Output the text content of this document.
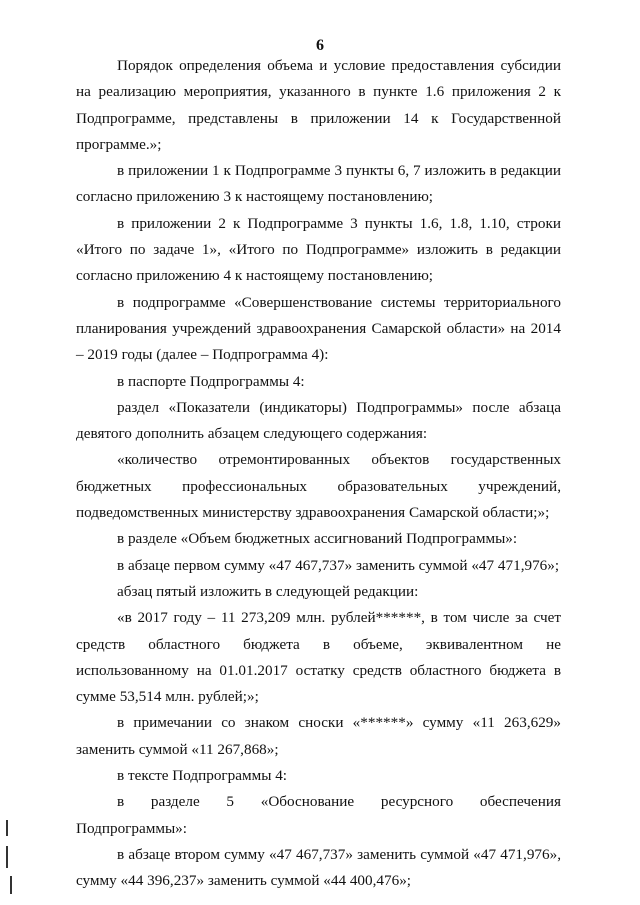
6

Порядок определения объема и условие предоставления субсидии на реализацию мероприятия, указанного в пункте 1.6 приложения 2 к Подпрограмме, представлены в приложении 14 к Государственной программе.»;

в приложении 1 к Подпрограмме 3 пункты 6, 7 изложить в редакции согласно приложению 3 к настоящему постановлению;

в приложении 2 к Подпрограмме 3 пункты 1.6, 1.8, 1.10, строки «Итого по задаче 1», «Итого по Подпрограмме» изложить в редакции согласно приложению 4 к настоящему постановлению;

в подпрограмме «Совершенствование системы территориального планирования учреждений здравоохранения Самарской области» на 2014 – 2019 годы (далее – Подпрограмма 4):

в паспорте Подпрограммы 4:

раздел «Показатели (индикаторы) Подпрограммы» после абзаца девятого дополнить абзацем следующего содержания:

«количество отремонтированных объектов государственных бюджетных профессиональных образовательных учреждений, подведомственных министерству здравоохранения Самарской области;»;

в разделе «Объем бюджетных ассигнований Подпрограммы»:

в абзаце первом сумму «47 467,737» заменить суммой «47 471,976»;

абзац пятый изложить в следующей редакции:

«в 2017 году – 11 273,209 млн. рублей******, в том числе за счет средств областного бюджета в объеме, эквивалентном не использованному на 01.01.2017 остатку средств областного бюджета в сумме 53,514 млн. рублей;»;

в примечании со знаком сноски «******» сумму «11 263,629» заменить суммой «11 267,868»;

в тексте Подпрограммы 4:

в разделе 5 «Обоснование ресурсного обеспечения Подпрограммы»:

в абзаце втором сумму «47 467,737» заменить суммой «47 471,976», сумму «44 396,237» заменить суммой «44 400,476»;
